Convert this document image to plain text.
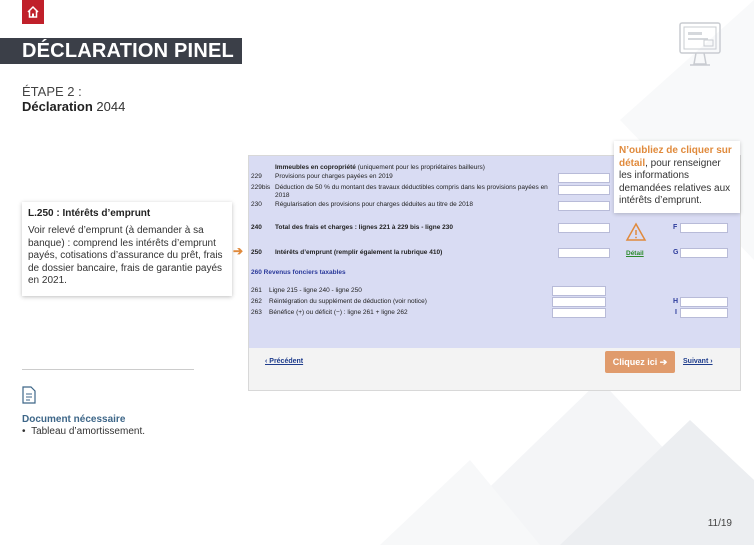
DÉCLARATION PINEL
ÉTAPE 2 :
Déclaration 2044
L.250 : Intérêts d’emprunt
Voir relevé d’emprunt (à demander à sa banque) : comprend les intérêts d’emprunt payés, cotisations d’assurance du prêt, frais de dossier bancaire, frais de garantie payés en 2021.
Document nécessaire
•  Tableau d’amortissement.
➔
Immeubles en copropriété (uniquement pour les propriétaires bailleurs)
229 Provisions pour charges payées en 2019
229bis Déduction de 50 % du montant des travaux déductibles compris dans les provisions payées en
2018
230 Régularisation des provisions pour charges déduites au titre de 2018
240 Total des frais et charges : lignes 221 à 229 bis - ligne 230	F
250 Intérêts d’emprunt (remplir également la rubrique 410)	Détail	G
260 Revenus fonciers taxables
261 Ligne 215 - ligne 240 - ligne 250
262 Réintégration du supplément de déduction (voir notice)	H
263 Bénéfice (+) ou déficit (−) : ligne 261 + ligne 262	I
‹ Précédent	Cliquez ici ➔	Suivant ›
N’oubliez de cliquer sur détail, pour renseigner les informations demandées relatives aux intérêts d’emprunt.
11/19
